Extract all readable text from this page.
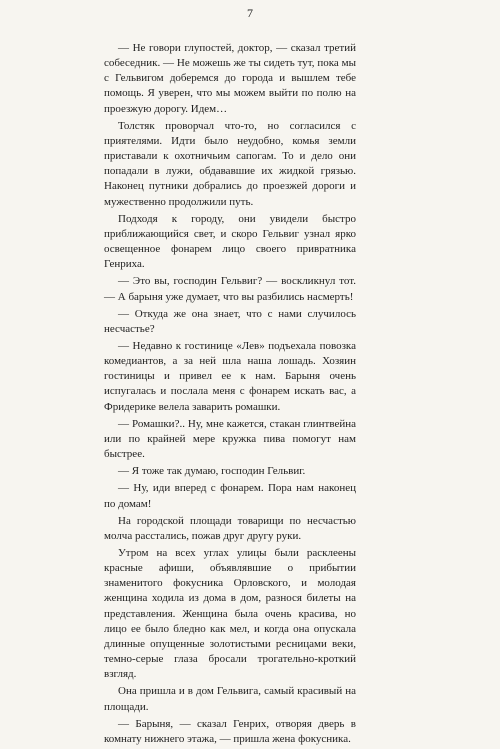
7

— Не говори глупостей, доктор, — сказал третий собеседник. — Не можешь же ты сидеть тут, пока мы с Гельвигом доберемся до города и вышлем тебе помощь. Я уверен, что мы можем выйти по полю на проезжую дорогу. Идем…

Толстяк проворчал что-то, но согласился с приятелями. Идти было неудобно, комья земли приставали к охотничьим сапогам. То и дело они попадали в лужи, обдававшие их жидкой грязью. Наконец путники добрались до проезжей дороги и мужественно продолжили путь.

Подходя к городу, они увидели быстро приближающийся свет, и скоро Гельвиг узнал ярко освещенное фонарем лицо своего привратника Генриха.

— Это вы, господин Гельвиг? — воскликнул тот. — А барыня уже думает, что вы разбились насмерть!

— Откуда же она знает, что с нами случилось несчастье?

— Недавно к гостинице «Лев» подъехала повозка комедиантов, а за ней шла наша лошадь. Хозяин гостиницы и привел ее к нам. Барыня очень испугалась и послала меня с фонарем искать вас, а Фридерике велела заварить ромашки.

— Ромашки?.. Ну, мне кажется, стакан глинтвейна или по крайней мере кружка пива помогут нам быстрее.

— Я тоже так думаю, господин Гельвиг.

— Ну, иди вперед с фонарем. Пора нам наконец по домам!

На городской площади товарищи по несчастью молча расстались, пожав друг другу руки.

Утром на всех углах улицы были расклеены красные афиши, объявлявшие о прибытии знаменитого фокусника Орловского, и молодая женщина ходила из дома в дом, разнося билеты на представления. Женщина была очень красива, но лицо ее было бледно как мел, и когда она опускала длинные опущенные золотистыми ресницами веки, темно-серые глаза бросали трогательно-кроткий взгляд.

Она пришла и в дом Гельвига, самый красивый на площади.

— Барыня, — сказал Генрих, отворяя дверь в комнату нижнего этажа, — пришла жена фокусника.
